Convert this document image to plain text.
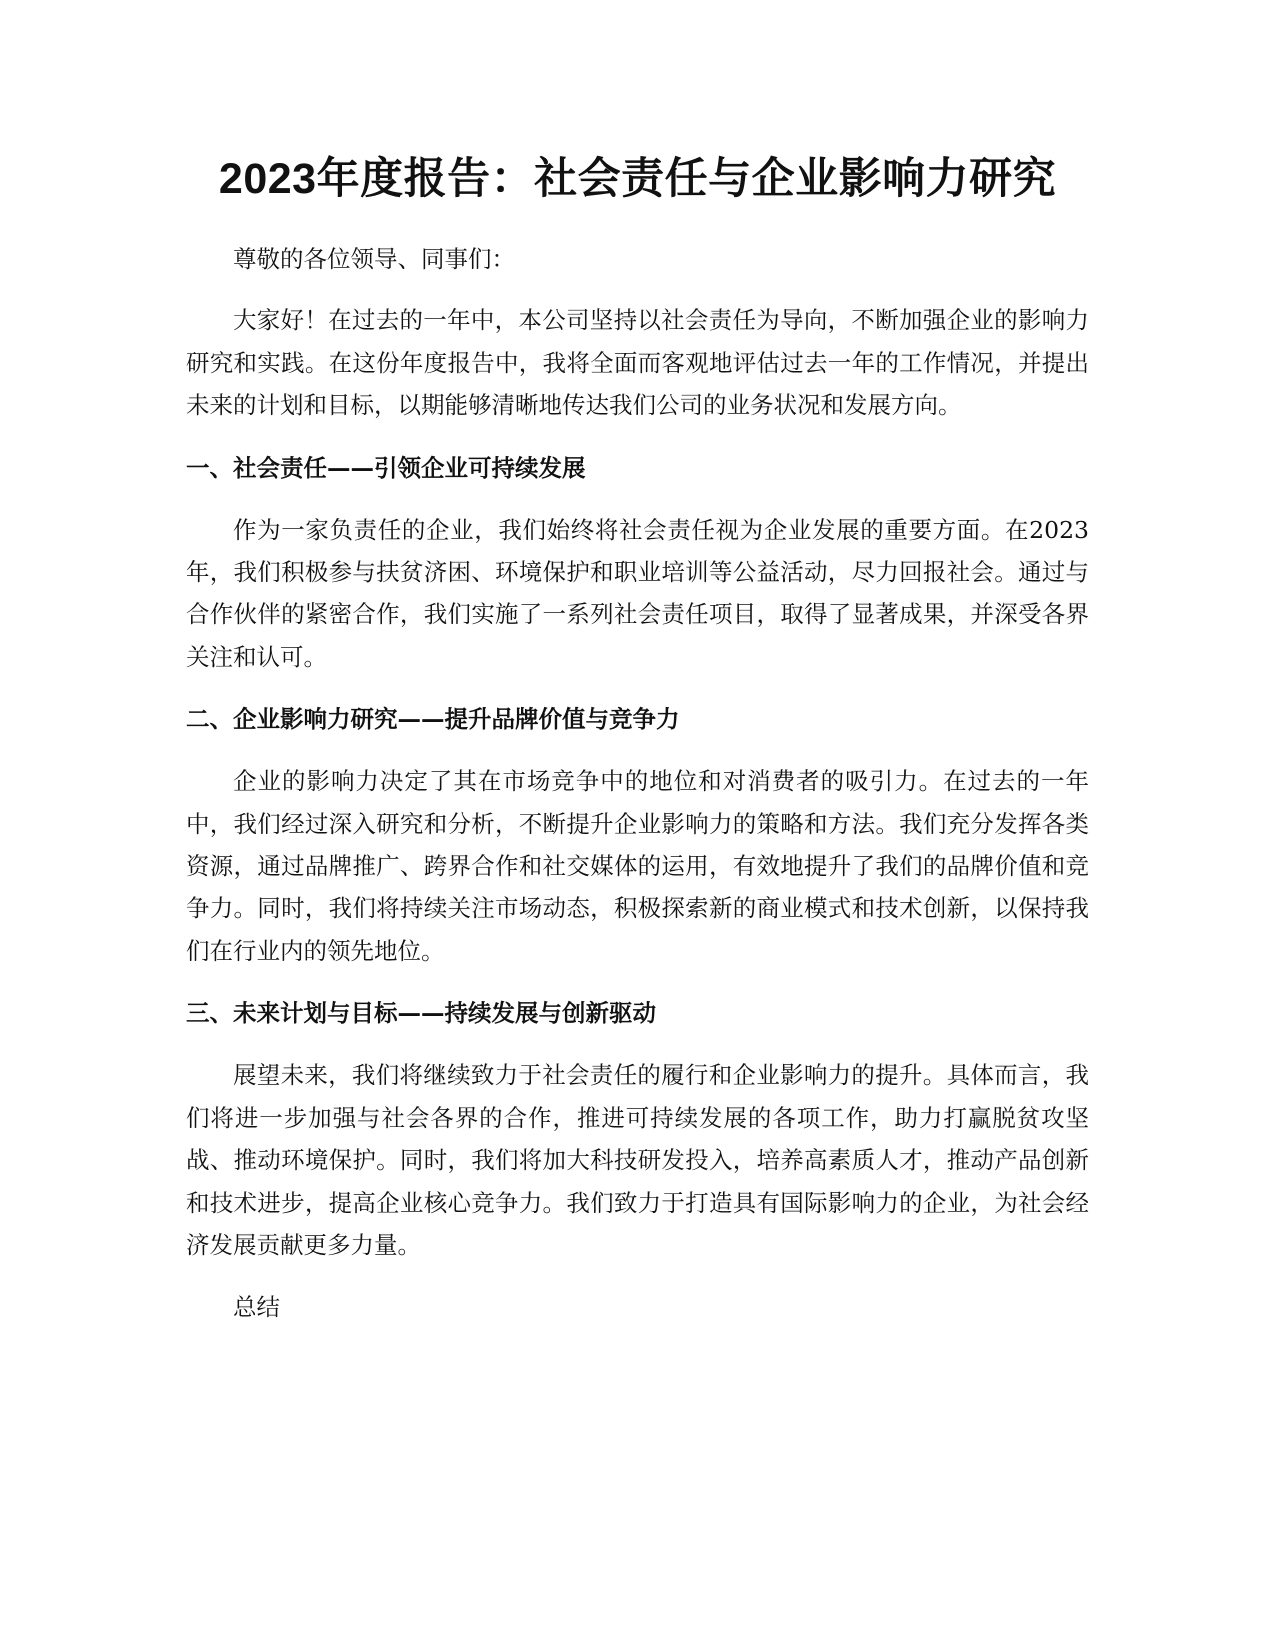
2023年度报告：社会责任与企业影响力研究

尊敬的各位领导、同事们：

大家好！在过去的一年中，本公司坚持以社会责任为导向，不断加强企业的影响力研究和实践。在这份年度报告中，我将全面而客观地评估过去一年的工作情况，并提出未来的计划和目标，以期能够清晰地传达我们公司的业务状况和发展方向。

一、社会责任——引领企业可持续发展

作为一家负责任的企业，我们始终将社会责任视为企业发展的重要方面。在2023年，我们积极参与扶贫济困、环境保护和职业培训等公益活动，尽力回报社会。通过与合作伙伴的紧密合作，我们实施了一系列社会责任项目，取得了显著成果，并深受各界关注和认可。

二、企业影响力研究——提升品牌价值与竞争力

企业的影响力决定了其在市场竞争中的地位和对消费者的吸引力。在过去的一年中，我们经过深入研究和分析，不断提升企业影响力的策略和方法。我们充分发挥各类资源，通过品牌推广、跨界合作和社交媒体的运用，有效地提升了我们的品牌价值和竞争力。同时，我们将持续关注市场动态，积极探索新的商业模式和技术创新，以保持我们在行业内的领先地位。

三、未来计划与目标——持续发展与创新驱动

展望未来，我们将继续致力于社会责任的履行和企业影响力的提升。具体而言，我们将进一步加强与社会各界的合作，推进可持续发展的各项工作，助力打赢脱贫攻坚战、推动环境保护。同时，我们将加大科技研发投入，培养高素质人才，推动产品创新和技术进步，提高企业核心竞争力。我们致力于打造具有国际影响力的企业，为社会经济发展贡献更多力量。

总结
